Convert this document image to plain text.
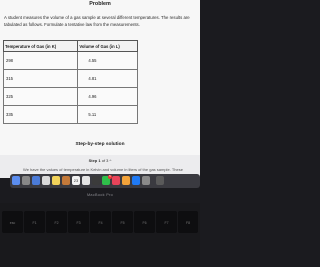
Problem
A student measures the volume of a gas sample at several different temperatures. The results are tabulated as follows. Formulate a tentative law from the measurements.
Temperature of Gas (in K)	Volume of Gas (in L)
298	4.55
315	4.81
325	4.96
335	5.11
Step-by-step solution
Step 1 of 3 ^
We have the values of temperature in Kelvin and volume in liters of the gas sample. These
23
5
MacBook Pro
esc	F1	F2	F3	F4	F5	F6	F7	F8
